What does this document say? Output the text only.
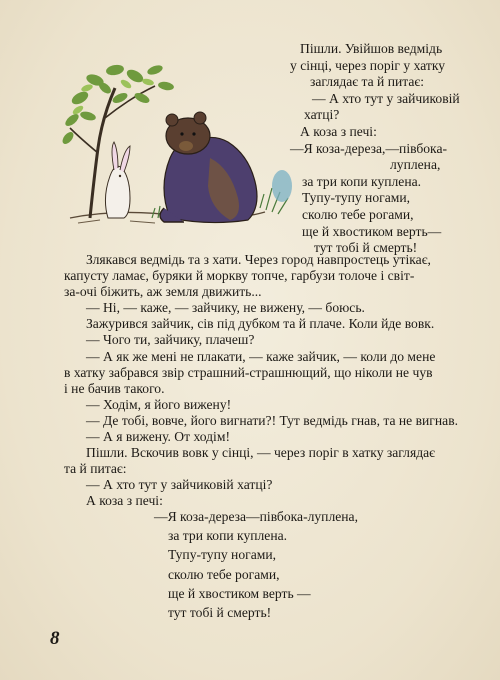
Пішли. Увійшов ведмідь
у сінці, через поріг у хатку
заглядає та й питає:
— А хто тут у зайчиковій
хатці?
А коза з печі:
—Я коза-дереза,—півбока-
луплена,
за три копи куплена.
Тупу-тупу ногами,
сколю тебе рогами,
ще й хвостиком верть—
тут тобі й смерть!
Злякався ведмідь та з хати. Через город навпростець утікає,
капусту ламає, буряки й моркву топче, гарбузи толоче і світ-
за-очі біжить, аж земля движить...
— Ні, — каже, — зайчику, не вижену, — боюсь.
Зажурився зайчик, сів під дубком та й плаче. Коли йде вовк.
— Чого ти, зайчику, плачеш?
— А як же мені не плакати, — каже зайчик, — коли до мене
в хатку забрався звір страшний-страшнющий, що ніколи не чув
і не бачив такого.
— Ходім, я його вижену!
— Де тобі, вовче, його вигнати?! Тут ведмідь гнав, та не вигнав.
— А я вижену. От ходім!
Пішли. Вскочив вовк у сінці, — через поріг в хатку заглядає
та й питає:
— А хто тут у зайчиковій хатці?
А коза з печі:
—Я коза-дереза—півбока-луплена,
за три копи куплена.
Тупу-тупу ногами,
сколю тебе рогами,
ще й хвостиком верть —
тут тобі й смерть!
8
